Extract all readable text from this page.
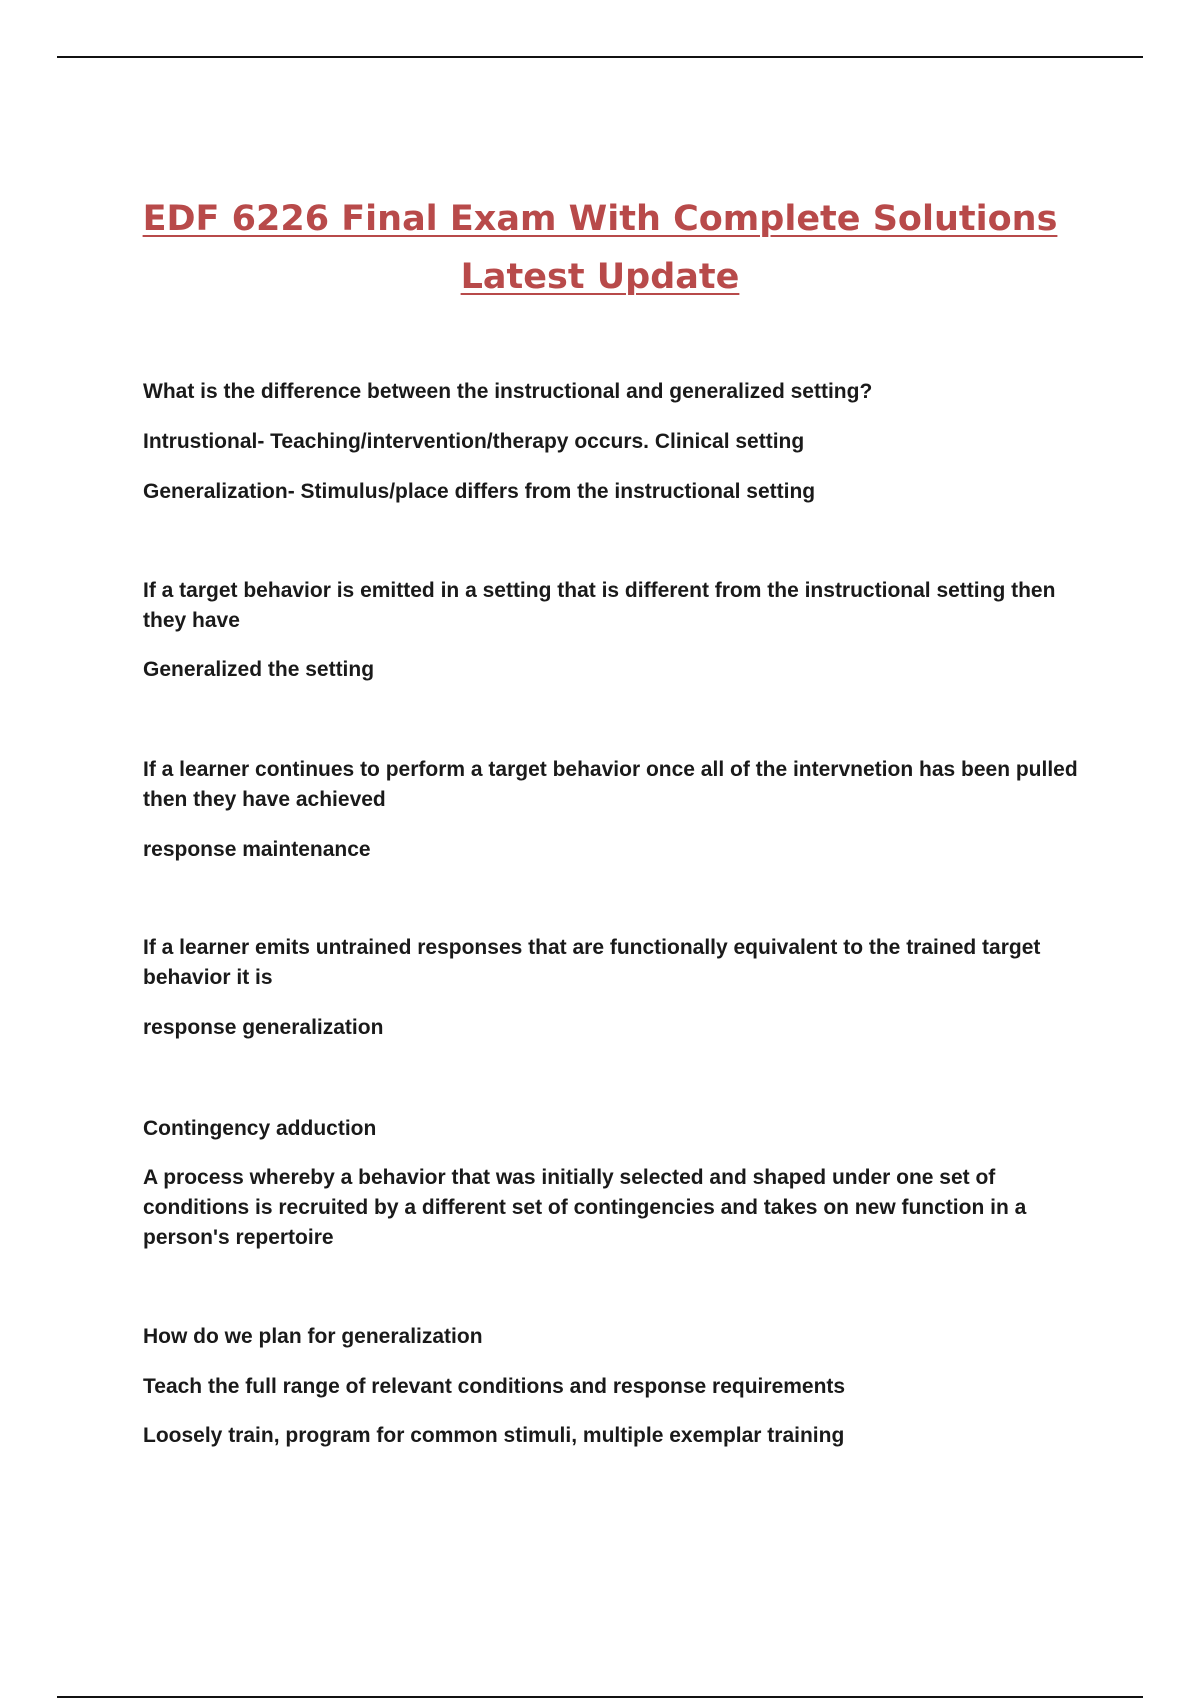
EDF 6226 Final Exam With Complete Solutions
Latest Update
What is the difference between the instructional and generalized setting?
Intrustional- Teaching/intervention/therapy occurs. Clinical setting
Generalization- Stimulus/place differs from the instructional setting
If a target behavior is emitted in a setting that is different from the instructional setting then they have
Generalized the setting
If a learner continues to perform a target behavior once all of the intervnetion has been pulled then they have achieved
response maintenance
If a learner emits untrained responses that are functionally equivalent to the trained target behavior it is
response generalization
Contingency adduction
A process whereby a behavior that was initially selected and shaped under one set of conditions is recruited by a different set of contingencies and takes on new function in a person's repertoire
How do we plan for generalization
Teach the full range of relevant conditions and response requirements
Loosely train, program for common stimuli, multiple exemplar training
